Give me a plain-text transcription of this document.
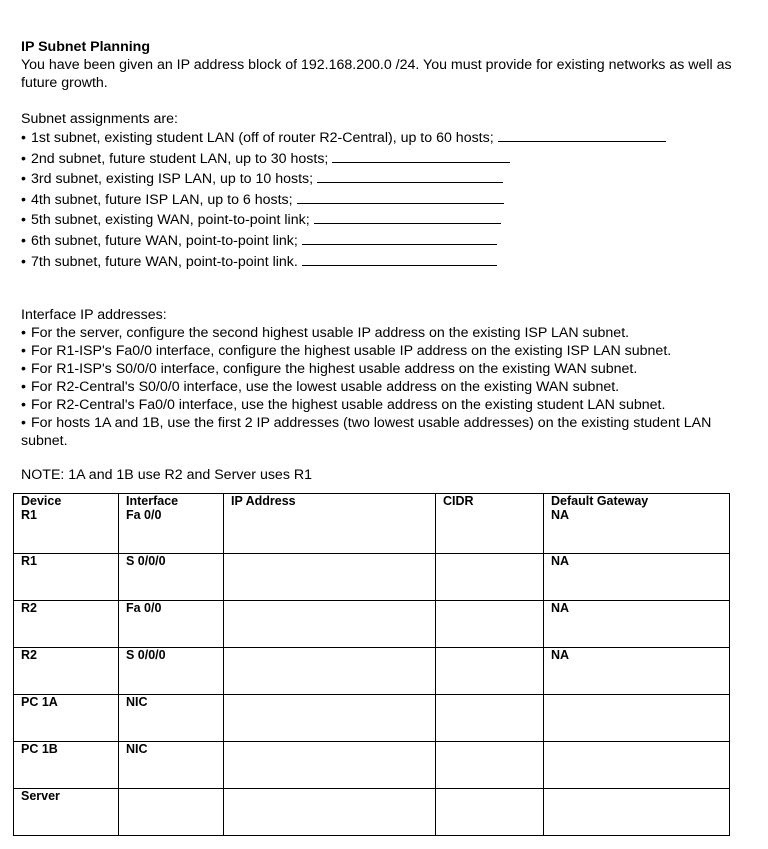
IP Subnet Planning

You have been given an IP address block of 192.168.200.0 /24. You must provide for existing networks as well as future growth.

Subnet assignments are:
• 1st subnet, existing student LAN (off of router R2-Central), up to 60 hosts;
• 2nd subnet, future student LAN, up to 30 hosts;
• 3rd subnet, existing ISP LAN, up to 10 hosts;
• 4th subnet, future ISP LAN, up to 6 hosts;
• 5th subnet, existing WAN, point-to-point link;
• 6th subnet, future WAN, point-to-point link;
• 7th subnet, future WAN, point-to-point link.
Interface IP addresses:
• For the server, configure the second highest usable IP address on the existing ISP LAN subnet.
• For R1-ISP's Fa0/0 interface, configure the highest usable IP address on the existing ISP LAN subnet.
• For R1-ISP's S0/0/0 interface, configure the highest usable address on the existing WAN subnet.
• For R2-Central's S0/0/0 interface, use the lowest usable address on the existing WAN subnet.
• For R2-Central's Fa0/0 interface, use the highest usable address on the existing student LAN subnet.
• For hosts 1A and 1B, use the first 2 IP addresses (two lowest usable addresses) on the existing student LAN subnet.
NOTE: 1A and 1B use R2 and Server uses R1
Device	Interface	IP Address	CIDR	Default Gateway
R1	Fa 0/0			NA
R1	S 0/0/0			NA
R2	Fa 0/0			NA
R2	S 0/0/0			NA
PC 1A	NIC			
PC 1B	NIC			
Server				
